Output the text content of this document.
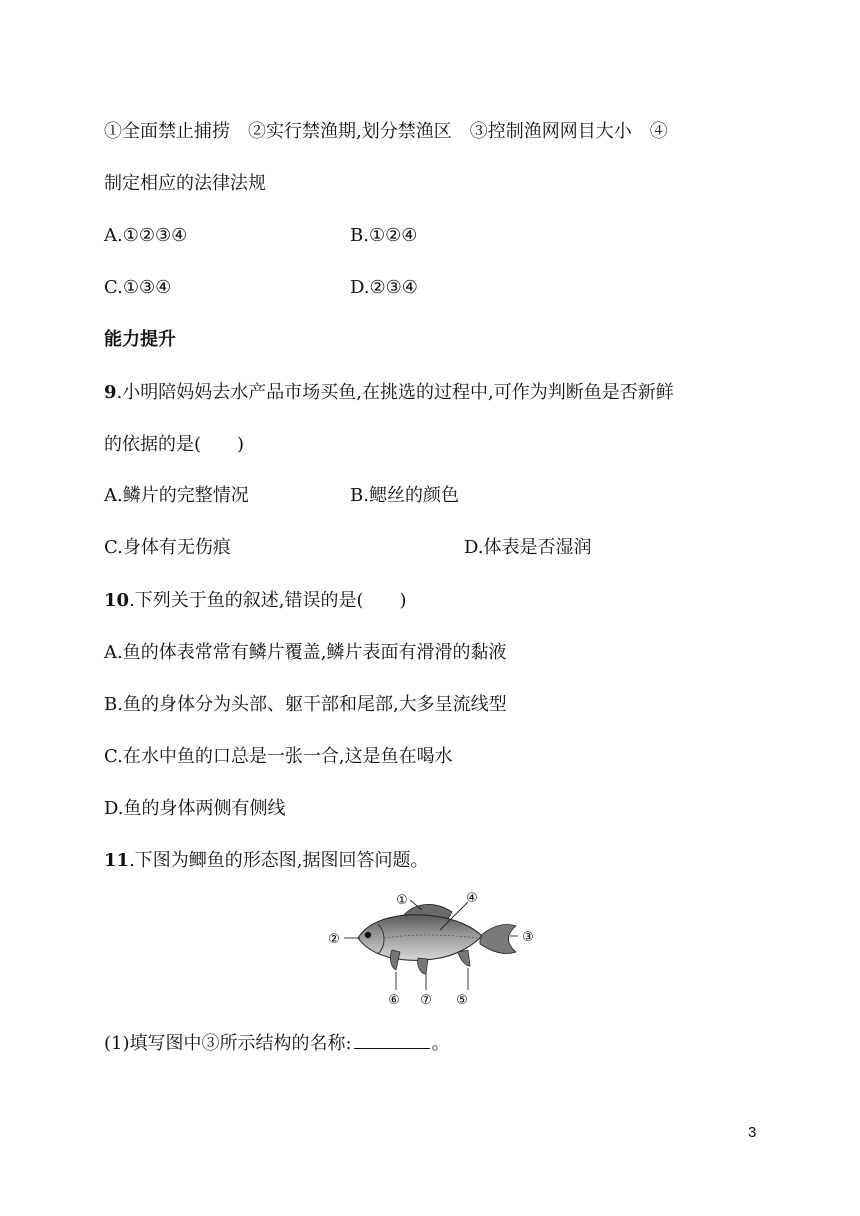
①全面禁止捕捞　②实行禁渔期,划分禁渔区　③控制渔网网目大小　④
制定相应的法律法规
A.①②③④	B.①②④
C.①③④	D.②③④
能力提升
9.小明陪妈妈去水产品市场买鱼,在挑选的过程中,可作为判断鱼是否新鲜
的依据的是(　　)
A.鳞片的完整情况	B.鳃丝的颜色
C.身体有无伤痕	D.体表是否湿润
10.下列关于鱼的叙述,错误的是(　　)
A.鱼的体表常常有鳞片覆盖,鳞片表面有滑滑的黏液
B.鱼的身体分为头部、躯干部和尾部,大多呈流线型
C.在水中鱼的口总是一张一合,这是鱼在喝水
D.鱼的身体两侧有侧线
11.下图为鲫鱼的形态图,据图回答问题。
①
②	③
④
⑤
⑥ ⑦
(1)填写图中③所示结构的名称:	。
3
